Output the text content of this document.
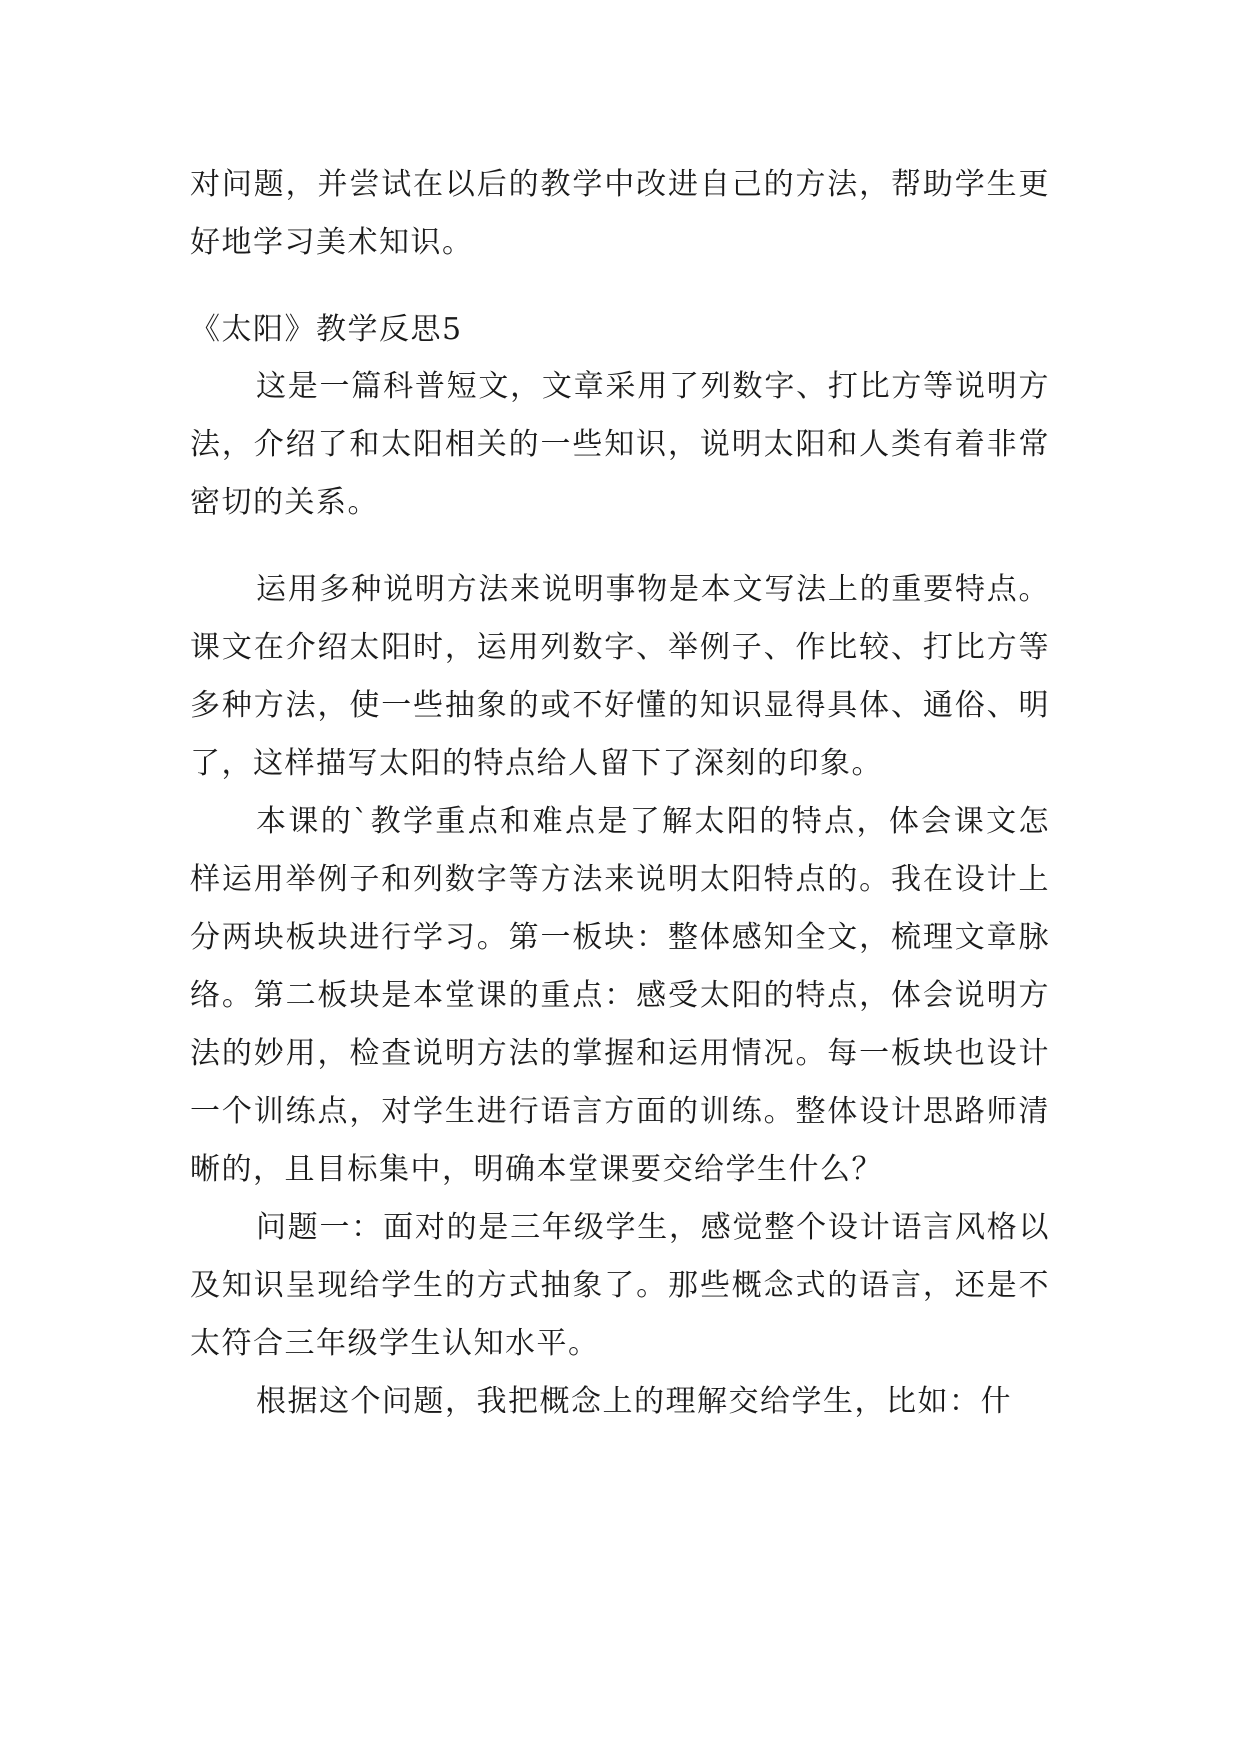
对问题，并尝试在以后的教学中改进自己的方法，帮助学生更好地学习美术知识。

《太阳》教学反思5

这是一篇科普短文，文章采用了列数字、打比方等说明方法，介绍了和太阳相关的一些知识，说明太阳和人类有着非常密切的关系。

运用多种说明方法来说明事物是本文写法上的重要特点。课文在介绍太阳时，运用列数字、举例子、作比较、打比方等多种方法，使一些抽象的或不好懂的知识显得具体、通俗、明了，这样描写太阳的特点给人留下了深刻的印象。

本课的`教学重点和难点是了解太阳的特点，体会课文怎样运用举例子和列数字等方法来说明太阳特点的。我在设计上分两块板块进行学习。第一板块：整体感知全文，梳理文章脉络。第二板块是本堂课的重点：感受太阳的特点，体会说明方法的妙用，检查说明方法的掌握和运用情况。每一板块也设计一个训练点，对学生进行语言方面的训练。整体设计思路师清晰的，且目标集中，明确本堂课要交给学生什么？

问题一：面对的是三年级学生，感觉整个设计语言风格以及知识呈现给学生的方式抽象了。那些概念式的语言，还是不太符合三年级学生认知水平。

根据这个问题，我把概念上的理解交给学生，比如：什
